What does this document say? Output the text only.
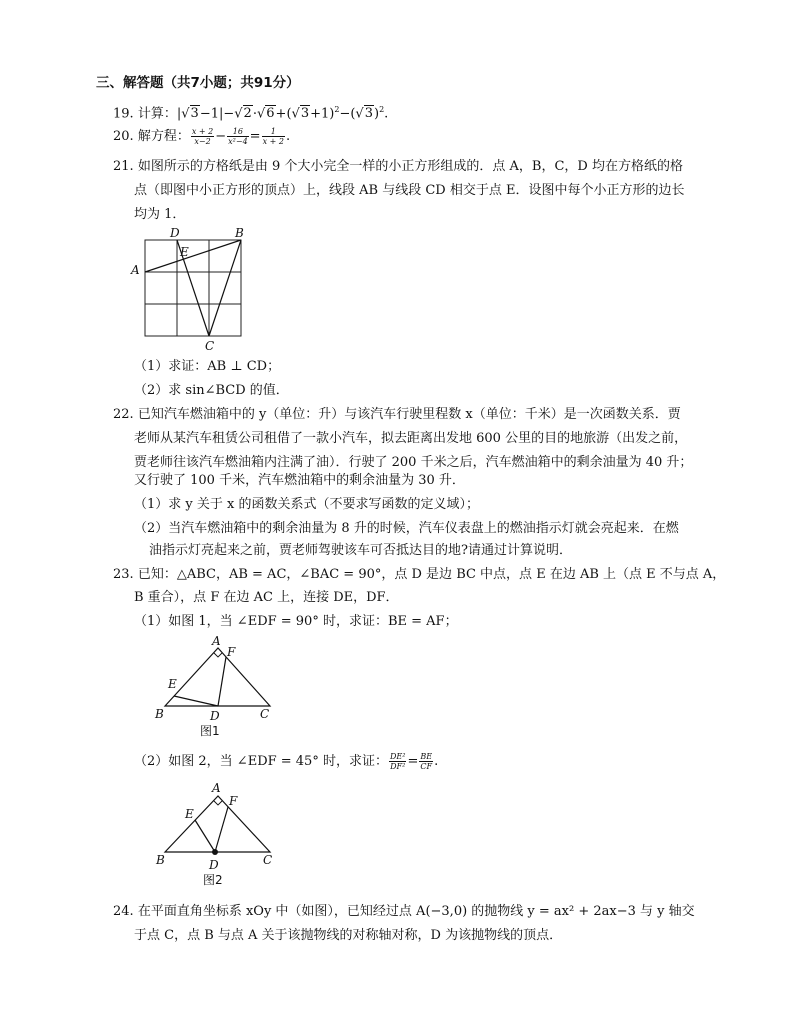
三、解答题（共7小题；共91分）
19. 计算：$|√3-1|-√2\cdot√6+(√3+1)^2-(√3)^2$.
20. 解方程： $\frac{x + 2}{x-2} - \frac{16}{\text{x²−4}} = \frac{1}{x + 2}$ .
21. 如图所示的方格纸是由 9 个大小完全一样的小正方形组成的．点 A，B，C，D 均在方格纸的格
点（即图中小正方形的顶点）上，线段 AB 与线段 CD 相交于点 E．设图中每个小正方形的边长
均为 1．
D	B
E
A
C
（1）求证：AB ⊥ CD；
（2）求 sin∠BCD 的值．
22. 已知汽车燃油箱中的 y（单位：升）与该汽车行驶里程数 x（单位：千米）是一次函数关系．贾
老师从某汽车租赁公司租借了一款小汽车，拟去距离出发地 600 公里的目的地旅游（出发之前，
贾老师往该汽车燃油箱内注满了油）．行驶了 200 千米之后，汽车燃油箱中的剩余油量为 40 升；
又行驶了 100 千米，汽车燃油箱中的剩余油量为 30 升．
（1）求 y 关于 x 的函数关系式（不要求写函数的定义域）；
（2）当汽车燃油箱中的剩余油量为 8 升的时候，汽车仪表盘上的燃油指示灯就会亮起来．在燃
油指示灯亮起来之前，贾老师驾驶该车可否抵达目的地?请通过计算说明．
23. 已知：△ABC，AB = AC，∠BAC = 90°，点 D 是边 BC 中点，点 E 在边 AB 上（点 E 不与点 A，
B 重合），点 F 在边 AC 上，连接 DE，DF．
（1）如图 1，当 ∠EDF = 90° 时，求证：BE = AF；
A
F
E
B	D	C
图1
（2）如图 2，当 ∠EDF = 45° 时，求证： $\frac{\text{DE²}}{\text{DF²}} = \frac{BE}{CF}$ .
A
E
F
B	D	C
图2
24. 在平面直角坐标系 xOy 中（如图），已知经过点 A(−3,0) 的抛物线 y = ax² + 2ax−3 与 y 轴交
于点 C，点 B 与点 A 关于该抛物线的对称轴对称，D 为该抛物线的顶点．
